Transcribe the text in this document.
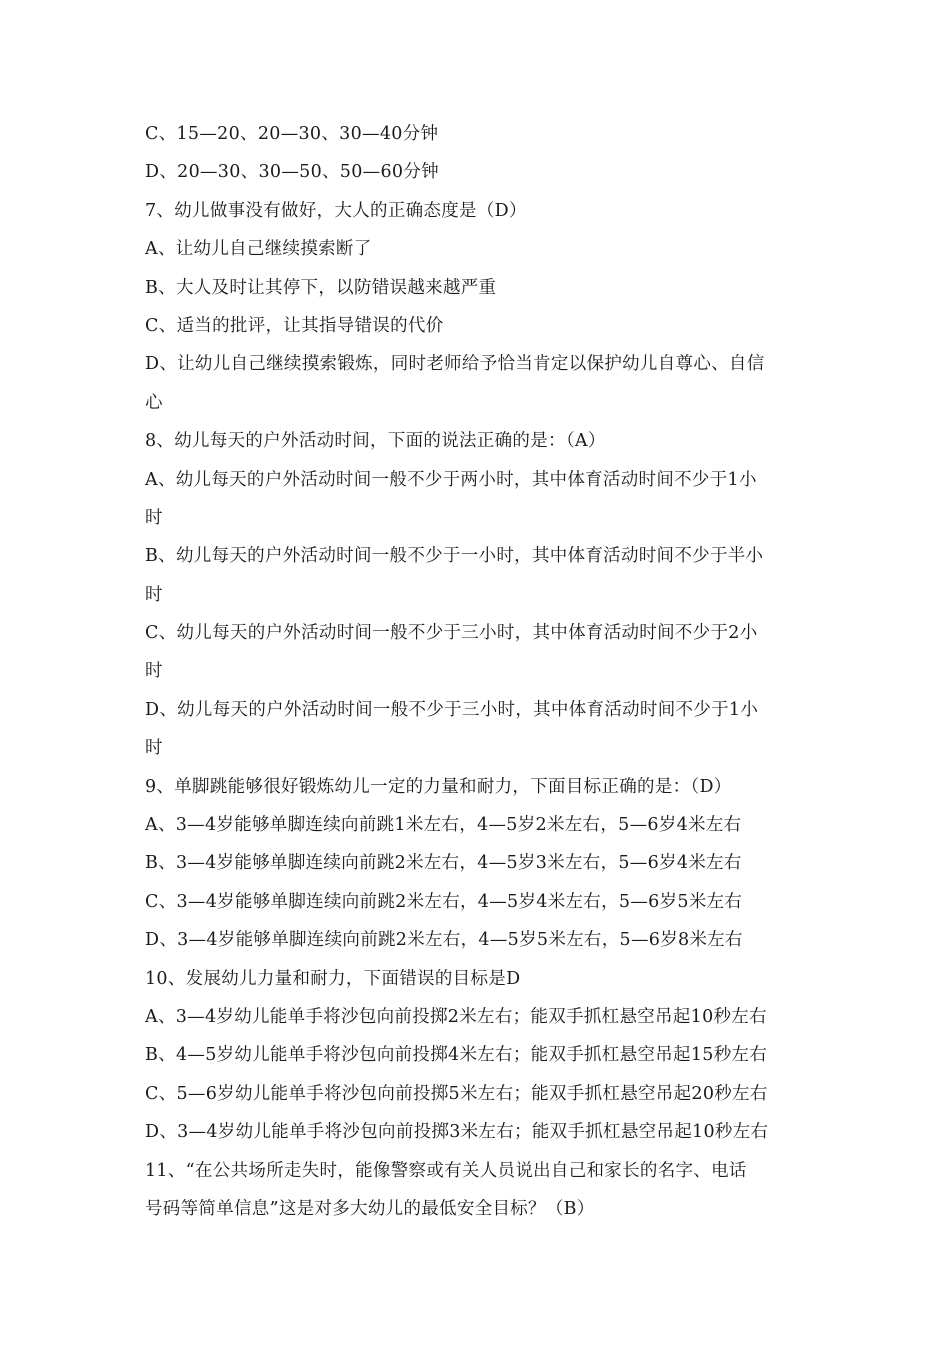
C、15—20、20—30、30—40分钟
D、20—30、30—50、50—60分钟
7、幼儿做事没有做好，大人的正确态度是（D）
A、让幼儿自己继续摸索断了
B、大人及时让其停下，以防错误越来越严重
C、适当的批评，让其指导错误的代价
D、让幼儿自己继续摸索锻炼，同时老师给予恰当肯定以保护幼儿自尊心、自信
心
8、幼儿每天的户外活动时间，下面的说法正确的是：（A）
A、幼儿每天的户外活动时间一般不少于两小时，其中体育活动时间不少于1小
时
B、幼儿每天的户外活动时间一般不少于一小时，其中体育活动时间不少于半小
时
C、幼儿每天的户外活动时间一般不少于三小时，其中体育活动时间不少于2小
时
D、幼儿每天的户外活动时间一般不少于三小时，其中体育活动时间不少于1小
时
9、单脚跳能够很好锻炼幼儿一定的力量和耐力，下面目标正确的是：（D）
A、3—4岁能够单脚连续向前跳1米左右，4—5岁2米左右，5—6岁4米左右
B、3—4岁能够单脚连续向前跳2米左右，4—5岁3米左右，5—6岁4米左右
C、3—4岁能够单脚连续向前跳2米左右，4—5岁4米左右，5—6岁5米左右
D、3—4岁能够单脚连续向前跳2米左右，4—5岁5米左右，5—6岁8米左右
10、发展幼儿力量和耐力，下面错误的目标是D
A、3—4岁幼儿能单手将沙包向前投掷2米左右；能双手抓杠悬空吊起10秒左右
B、4—5岁幼儿能单手将沙包向前投掷4米左右；能双手抓杠悬空吊起15秒左右
C、5—6岁幼儿能单手将沙包向前投掷5米左右；能双手抓杠悬空吊起20秒左右
D、3—4岁幼儿能单手将沙包向前投掷3米左右；能双手抓杠悬空吊起10秒左右
11、“在公共场所走失时，能像警察或有关人员说出自己和家长的名字、电话
号码等简单信息”这是对多大幼儿的最低安全目标？（B）
